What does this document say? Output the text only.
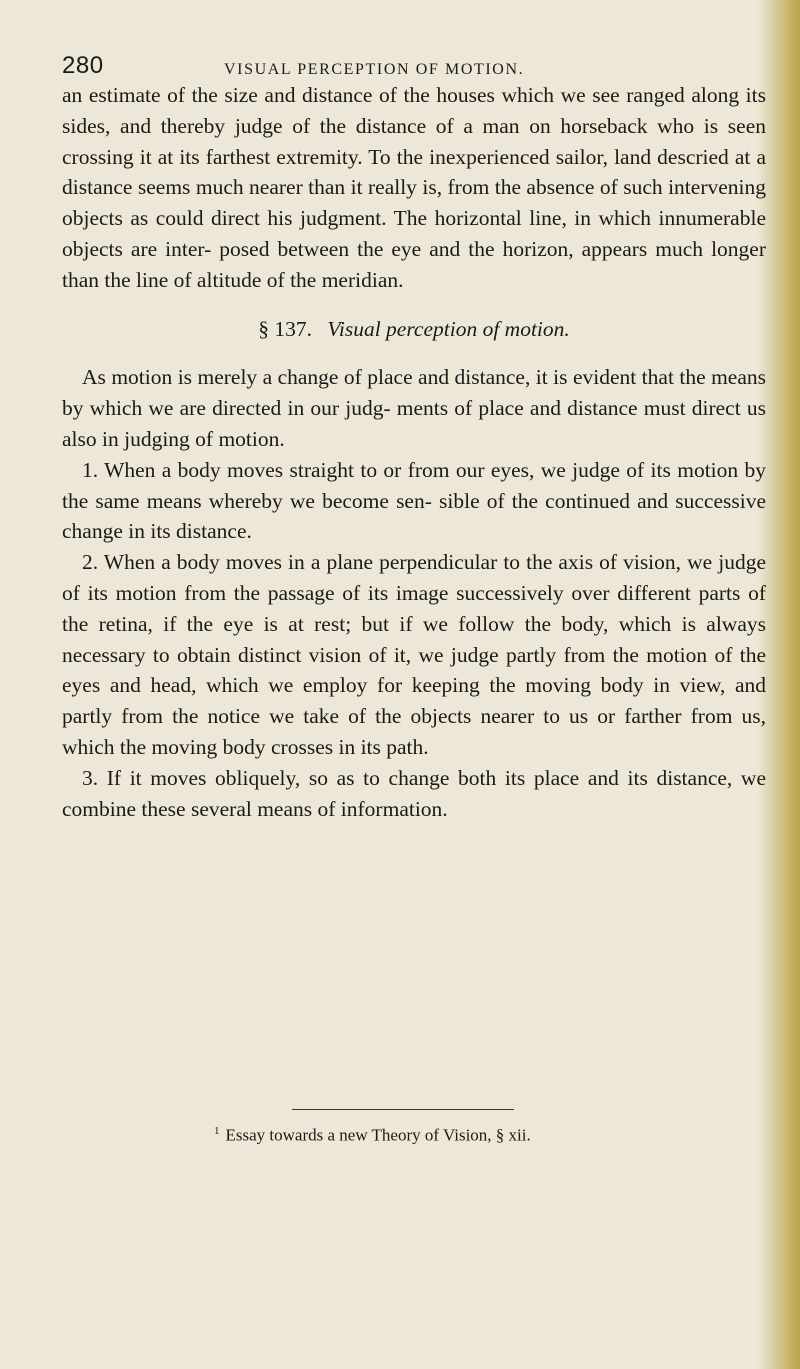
280	VISUAL PERCEPTION OF MOTION.

an estimate of the size and distance of the houses which we see ranged along its sides, and thereby judge of the distance of a man on horseback who is seen crossing it at its farthest extremity. To the inexperienced sailor, land descried at a distance seems much nearer than it really is, from the absence of such intervening objects as could direct his judgment. The horizontal line, in which innumerable objects are inter- posed between the eye and the horizon, appears much longer than the line of altitude of the meridian.

§ 137. Visual perception of motion.

As motion is merely a change of place and distance, it is evident that the means by which we are directed in our judg- ments of place and distance must direct us also in judging of motion.

1. When a body moves straight to or from our eyes, we judge of its motion by the same means whereby we become sen- sible of the continued and successive change in its distance.

2. When a body moves in a plane perpendicular to the axis of vision, we judge of its motion from the passage of its image successively over different parts of the retina, if the eye is at rest; but if we follow the body, which is always necessary to obtain distinct vision of it, we judge partly from the motion of the eyes and head, which we employ for keeping the moving body in view, and partly from the notice we take of the objects nearer to us or farther from us, which the moving body crosses in its path.

3. If it moves obliquely, so as to change both its place and its distance, we combine these several means of information.

$^1$ Essay towards a new Theory of Vision, § xii.
